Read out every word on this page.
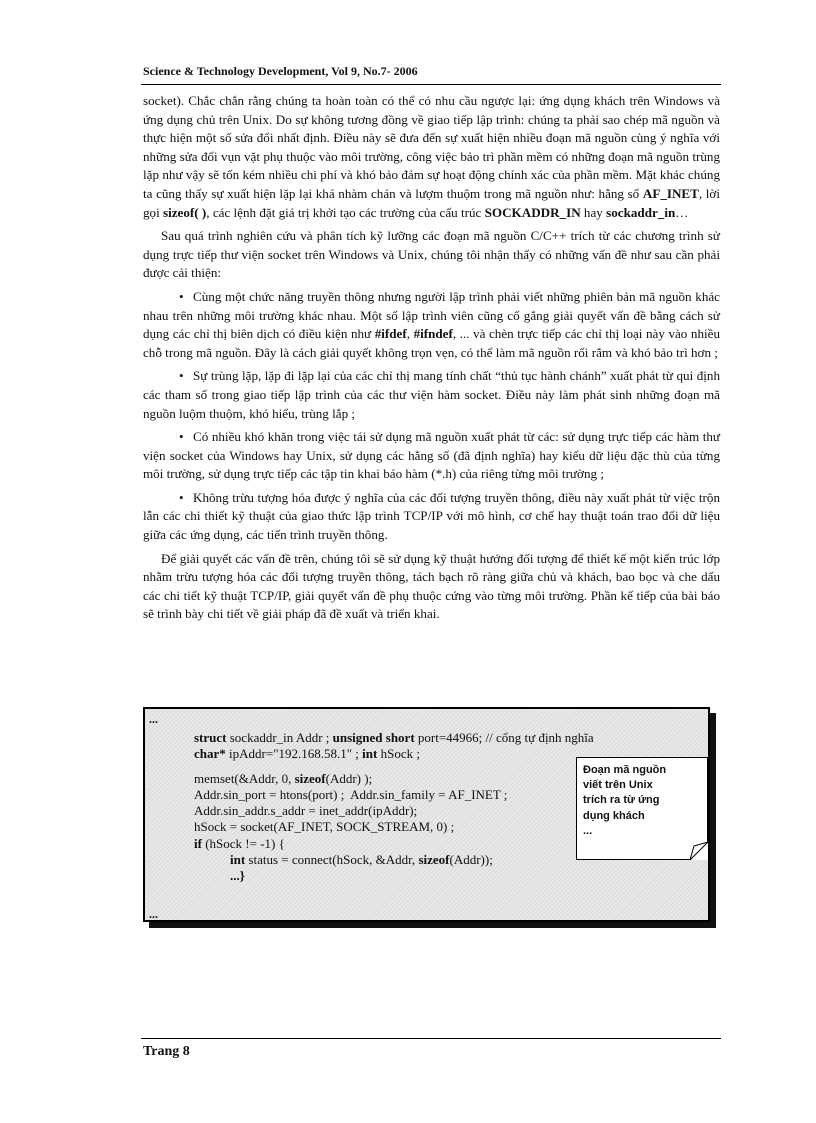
Science & Technology Development, Vol 9, No.7- 2006

socket). Chắc chắn rằng chúng ta hoàn toàn có thể có nhu cầu ngược lại: ứng dụng khách trên Windows và ứng dụng chủ trên Unix. Do sự không tương đồng về giao tiếp lập trình: chúng ta phải sao chép mã nguồn và thực hiện một số sửa đổi nhất định. Điều này sẽ đưa đến sự xuất hiện nhiều đoạn mã nguồn cùng ý nghĩa với những sửa đổi vụn vặt phụ thuộc vào môi trường, công việc bảo trì phần mềm có những đoạn mã nguồn trùng lặp như vậy sẽ tốn kém nhiều chi phí và khó bảo đảm sự hoạt động chính xác của phần mềm. Mặt khác chúng ta cũng thấy sự xuất hiện lặp lại khá nhàm chán và lượm thuộm trong mã nguồn như: hằng số AF_INET, lời gọi sizeof( ), các lệnh đặt giá trị khởi tạo các trường của cấu trúc SOCKADDR_IN hay sockaddr_in…

Sau quá trình nghiên cứu và phân tích kỹ lưỡng các đoạn mã nguồn C/C++ trích từ các chương trình sử dụng trực tiếp thư viện socket trên Windows và Unix, chúng tôi nhận thấy có những vấn đề như sau cần phải được cải thiện:

• Cùng một chức năng truyền thông nhưng người lập trình phải viết những phiên bản mã nguồn khác nhau trên những môi trường khác nhau. Một số lập trình viên cũng cố gắng giải quyết vấn đề bằng cách sử dụng các chỉ thị biên dịch có điều kiện như #ifdef, #ifndef, ... và chèn trực tiếp các chỉ thị loại này vào nhiều chỗ trong mã nguồn. Đây là cách giải quyết không trọn vẹn, có thể làm mã nguồn rối rắm và khó bảo trì hơn ;

• Sự trùng lặp, lặp đi lặp lại của các chỉ thị mang tính chất “thủ tục hành chánh” xuất phát từ qui định các tham số trong giao tiếp lập trình của các thư viện hàm socket. Điều này làm phát sinh những đoạn mã nguồn luộm thuộm, khó hiểu, trùng lắp ;

• Có nhiều khó khăn trong việc tái sử dụng mã nguồn xuất phát từ các: sử dụng trực tiếp các hàm thư viện socket của Windows hay Unix, sử dụng các hằng số (đã định nghĩa) hay kiểu dữ liệu đặc thù của từng môi trường, sử dụng trực tiếp các tập tin khai báo hàm (*.h) của riêng từng môi trường ;

• Không trừu tượng hóa được ý nghĩa của các đối tượng truyền thông, điều này xuất phát từ việc trộn lẫn các chi thiết kỹ thuật của giao thức lập trình TCP/IP với mô hình, cơ chế hay thuật toán trao đổi dữ liệu giữa các ứng dụng, các tiến trình truyền thông.

Để giải quyết các vấn đề trên, chúng tôi sẽ sử dụng kỹ thuật hướng đối tượng để thiết kế một kiến trúc lớp nhằm trừu tượng hóa các đối tượng truyền thông, tách bạch rõ ràng giữa chủ và khách, bao bọc và che dấu các chi tiết kỹ thuật TCP/IP, giải quyết vấn đề phụ thuộc cứng vào từng môi trường. Phần kế tiếp của bài báo sẽ trình bày chi tiết về giải pháp đã đề xuất và triển khai.

...
struct sockaddr_in Addr ; unsigned short port=44966; // cổng tự định nghĩa
char* ipAddr="192.168.58.1" ; int hSock ;
memset(&Addr, 0, sizeof(Addr) );
Addr.sin_port = htons(port) ;  Addr.sin_family = AF_INET ;
Addr.sin_addr.s_addr = inet_addr(ipAddr);
hSock = socket(AF_INET, SOCK_STREAM, 0) ;
if (hSock != -1) {
int status = connect(hSock, &Addr, sizeof(Addr));
...}
...
Đoạn mã nguồn
viết trên Unix
trích ra từ ứng
dụng khách
...
Trang 8
